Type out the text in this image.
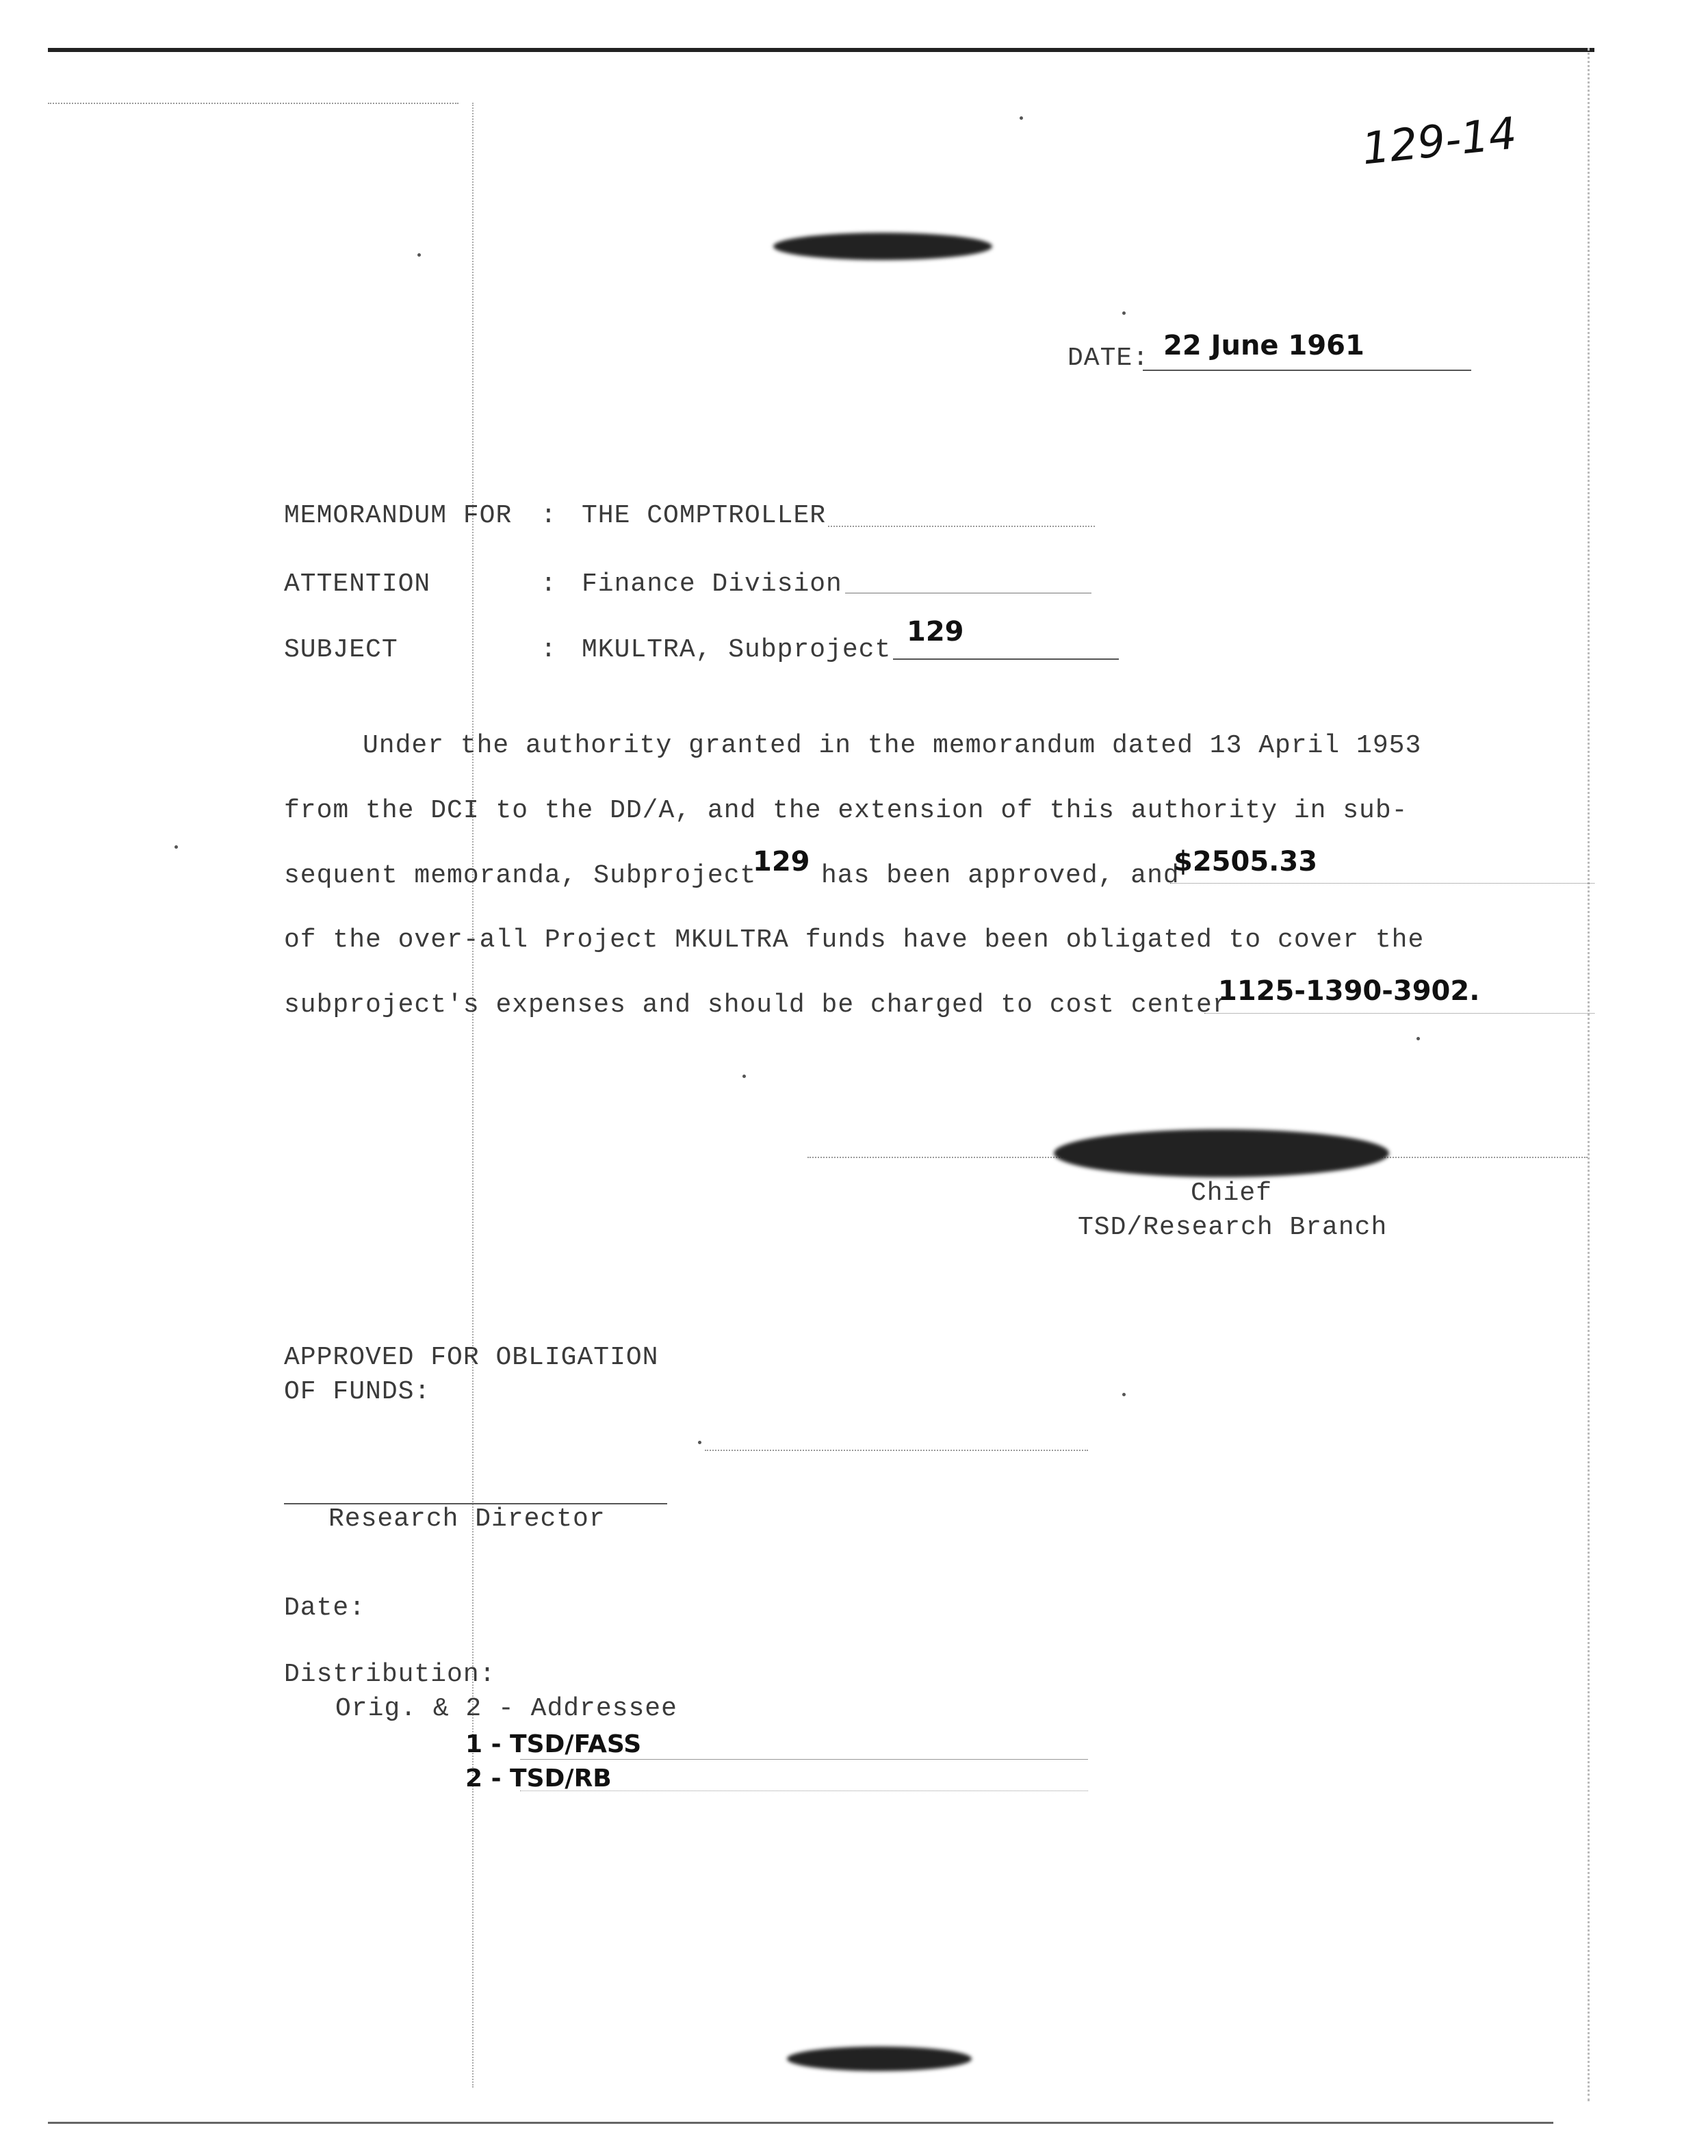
129-14
DATE: 22 June 1961
MEMORANDUM FOR : THE COMPTROLLER
ATTENTION	: Finance Division
SUBJECT	: MKULTRA, Subproject
129
Under the authority granted in the memorandum dated 13 April 1953
from the DCI to the DD/A, and the extension of this authority in sub-
sequent memoranda, Subproject
129 has been approved, and
$2505.33
of the over-all Project MKULTRA funds have been obligated to cover the
subproject's expenses and should be charged to cost center
1125-1390-3902.
Chief
TSD/Research Branch
APPROVED FOR OBLIGATION
OF FUNDS:
Research Director
Date:
Distribution:
Orig. & 2 - Addressee
1 - TSD/FASS
2 - TSD/RB
